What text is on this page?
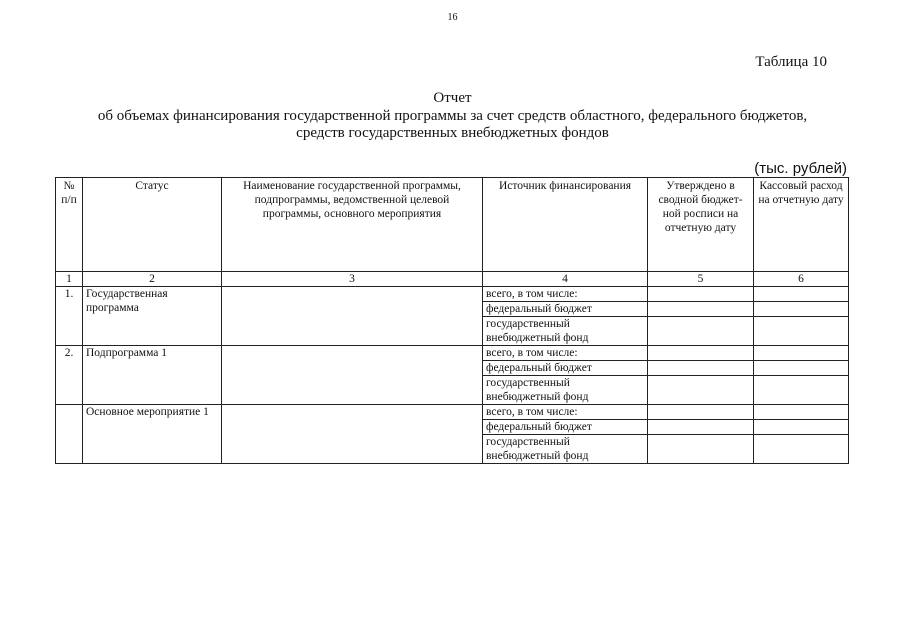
16
Таблица 10
Отчет
об объемах финансирования государственной программы за счет средств областного, федерального бюджетов,
средств государственных внебюджетных фондов
(тыс. рублей)
№ п/п	Статус	Наименование государственной программы, подпрограммы, ведомственной целевой программы, основного мероприятия	Источник финансирования	Утверждено в сводной бюджет-ной росписи на отчетную дату	Кассовый расход на отчетную дату
1	2	3	4	5	6
1.	Государственная программа		всего, в том числе:		
			федеральный бюджет		
			государственный внебюджетный фонд		
2.	Подпрограмма 1		всего, в том числе:		
			федеральный бюджет		
			государственный внебюджетный фонд		
	Основное мероприятие 1		всего, в том числе:		
			федеральный бюджет		
			государственный внебюджетный фонд		
